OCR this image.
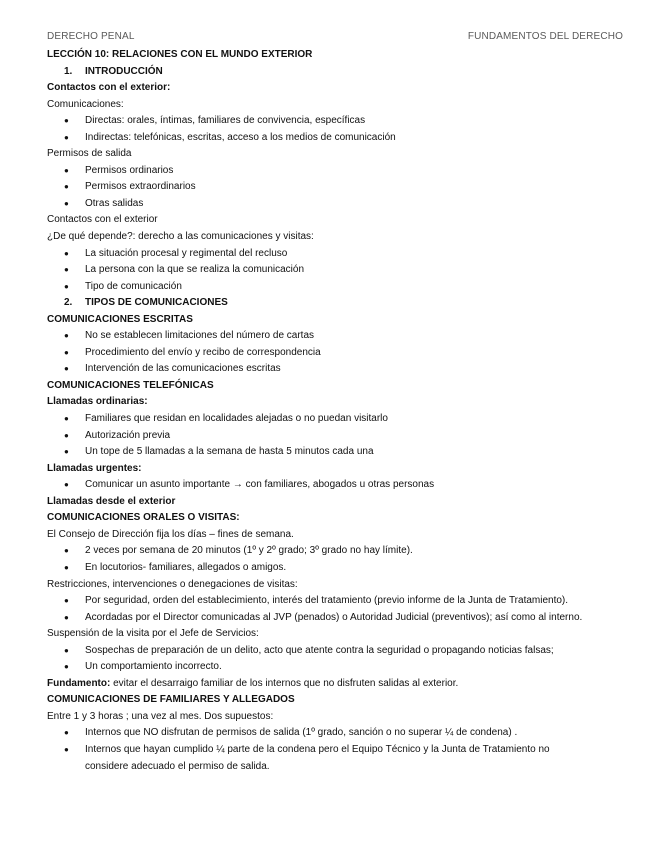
DERECHO PENAL	FUNDAMENTOS DEL DERECHO
LECCIÓN 10: RELACIONES CON EL MUNDO EXTERIOR
1. INTRODUCCIÓN
Contactos con el exterior:
Comunicaciones:
● Directas: orales, íntimas, familiares de convivencia, específicas
● Indirectas: telefónicas, escritas, acceso a los medios de comunicación
Permisos de salida
● Permisos ordinarios
● Permisos extraordinarios
● Otras salidas
Contactos con el exterior
¿De qué depende?: derecho a las comunicaciones y visitas:
● La situación procesal y regimental del recluso
● La persona con la que se realiza la comunicación
● Tipo de comunicación
2. TIPOS DE COMUNICACIONES
COMUNICACIONES ESCRITAS
● No se establecen limitaciones del número de cartas
● Procedimiento del envío y recibo de correspondencia
● Intervención de las comunicaciones escritas
COMUNICACIONES TELEFÓNICAS
Llamadas ordinarias:
● Familiares que residan en localidades alejadas o no puedan visitarlo
● Autorización previa
● Un tope de 5 llamadas a la semana de hasta 5 minutos cada una
Llamadas urgentes:
● Comunicar un asunto importante → con familiares, abogados u otras personas
Llamadas desde el exterior
COMUNICACIONES ORALES O VISITAS:
El Consejo de Dirección fija los días – fines de semana.
● 2 veces por semana de 20 minutos (1º y 2º grado; 3º grado no hay límite).
● En locutorios- familiares, allegados o amigos.
Restricciones, intervenciones o denegaciones de visitas:
● Por seguridad, orden del establecimiento, interés del tratamiento (previo informe de la Junta de Tratamiento).
● Acordadas por el Director comunicadas al JVP (penados) o Autoridad Judicial (preventivos); así como al interno.
Suspensión de la visita por el Jefe de Servicios:
● Sospechas de preparación de un delito, acto que atente contra la seguridad o propagando noticias falsas;
● Un comportamiento incorrecto.
Fundamento: evitar el desarraigo familiar de los internos que no disfruten salidas al exterior.
COMUNICACIONES DE FAMILIARES Y ALLEGADOS
Entre 1 y 3 horas ; una vez al mes. Dos supuestos:
● Internos que NO disfrutan de permisos de salida (1º grado, sanción o no superar ¼ de condena) .
● Internos que hayan cumplido ¼ parte de la condena pero el Equipo Técnico y la Junta de Tratamiento no
considere adecuado el permiso de salida.
